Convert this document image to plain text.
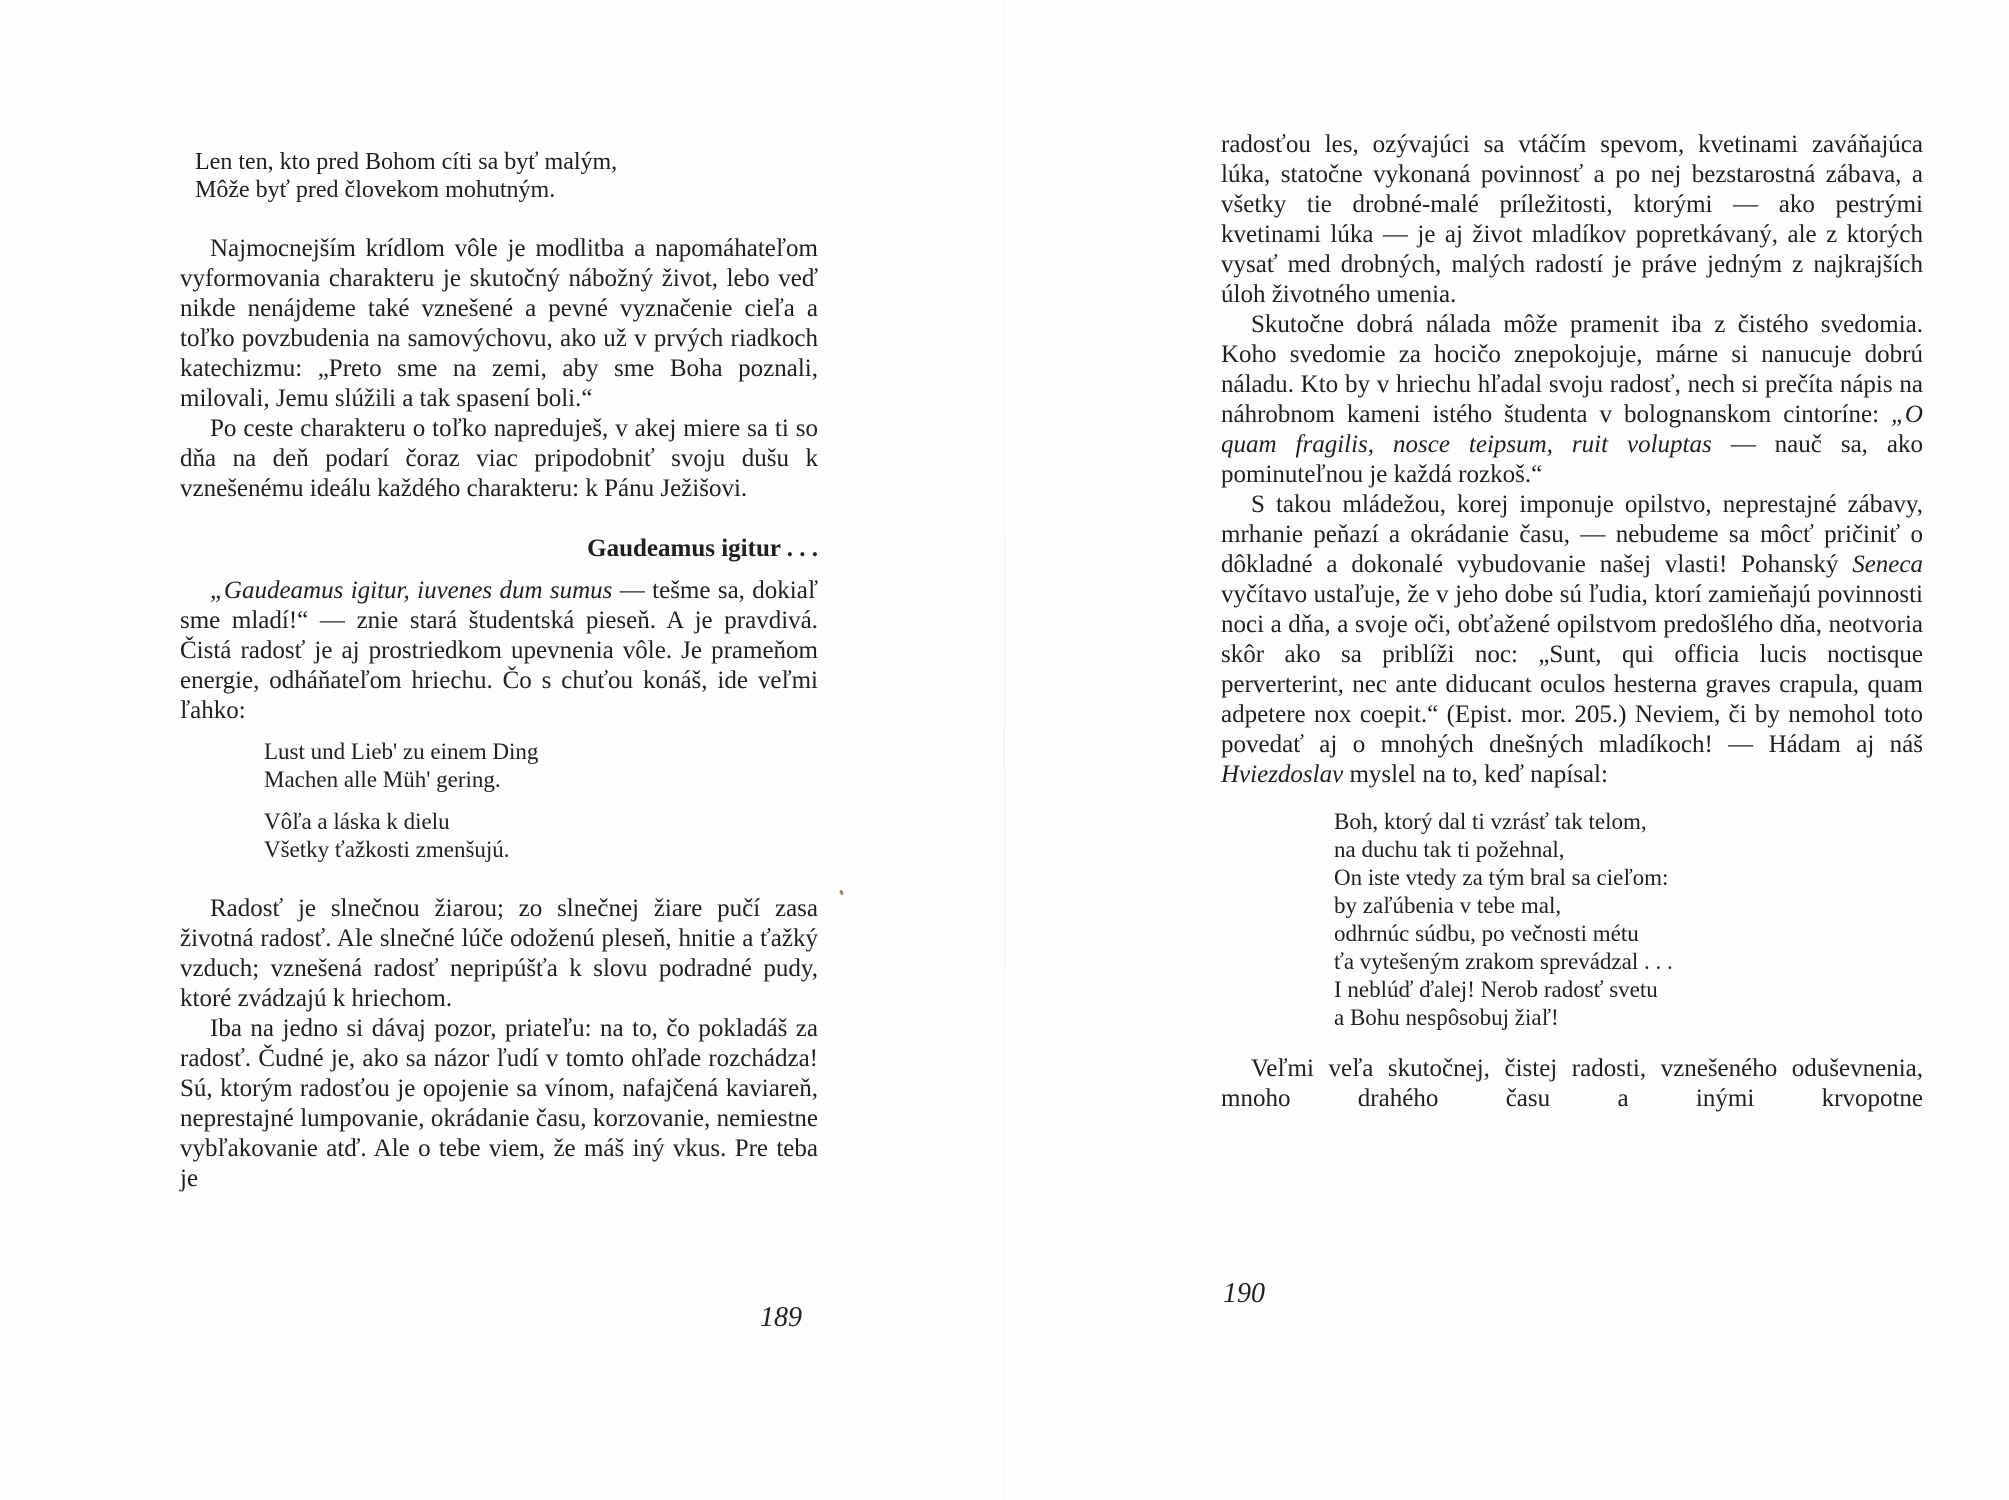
Len ten, kto pred Bohom cíti sa byť malým,
Môže byť pred človekom mohutným.

Najmocnejším krídlom vôle je modlitba a napomáhateľom vyformovania charakteru je skutočný nábožný život, lebo veď nikde nenájdeme také vznešené a pevné vyznačenie cieľa a toľko povzbudenia na samovýchovu, ako už v prvých riadkoch katechizmu: „Preto sme na zemi, aby sme Boha poznali, milovali, Jemu slúžili a tak spasení boli.“

Po ceste charakteru o toľko napreduješ, v akej miere sa ti so dňa na deň podarí čoraz viac pripodobniť svoju dušu k vznešenému ideálu každého charakteru: k Pánu Ježišovi.

Gaudeamus igitur . . .

„Gaudeamus igitur, iuvenes dum sumus — tešme sa, dokiaľ sme mladí!“ — znie stará študentská pieseň. A je pravdivá. Čistá radosť je aj prostriedkom upevnenia vôle. Je prameňom energie, odháňateľom hriechu. Čo s chuťou konáš, ide veľmi ľahko:

Lust und Lieb' zu einem Ding
Machen alle Müh' gering.
Vôľa a láska k dielu
Všetky ťažkosti zmenšujú.

Radosť je slnečnou žiarou; zo slnečnej žiare pučí zasa životná radosť. Ale slnečné lúče odoženú pleseň, hnitie a ťažký vzduch; vznešená radosť nepripúšťa k slovu podradné pudy, ktoré zvádzajú k hriechom.

Iba na jedno si dávaj pozor, priateľu: na to, čo pokladáš za radosť. Čudné je, ako sa názor ľudí v tomto ohľade rozchádza! Sú, ktorým radosťou je opojenie sa vínom, nafajčená kaviareň, neprestajné lumpovanie, okrádanie času, korzovanie, nemiestne vybľakovanie atď. Ale o tebe viem, že máš iný vkus. Pre teba je

189

radosťou les, ozývajúci sa vtáčím spevom, kvetinami zaváňajúca lúka, statočne vykonaná povinnosť a po nej bezstarostná zábava, a všetky tie drobné-malé príležitosti, ktorými — ako pestrými kvetinami lúka — je aj život mladíkov popretkávaný, ale z ktorých vysať med drobných, malých radostí je práve jedným z najkrajších úloh životného umenia.

Skutočne dobrá nálada môže pramenit iba z čistého svedomia. Koho svedomie za hocičo znepokojuje, márne si nanucuje dobrú náladu. Kto by v hriechu hľadal svoju radosť, nech si prečíta nápis na náhrobnom kameni istého študenta v bolognanskom cintoríne: „O quam fragilis, nosce teipsum, ruit voluptas — nauč sa, ako pominuteľnou je každá rozkoš.“

S takou mládežou, korej imponuje opilstvo, neprestajné zábavy, mrhanie peňazí a okrádanie času, — nebudeme sa môcť pričiniť o dôkladné a dokonalé vybudovanie našej vlasti! Pohanský Seneca vyčítavo ustaľuje, že v jeho dobe sú ľudia, ktorí zamieňajú povinnosti noci a dňa, a svoje oči, obťažené opilstvom predošlého dňa, neotvoria skôr ako sa priblíži noc: „Sunt, qui officia lucis noctisque perverterint, nec ante diducant oculos hesterna graves crapula, quam adpetere nox coepit.“ (Epist. mor. 205.) Neviem, či by nemohol toto povedať aj o mnohých dnešných mladíkoch! — Hádam aj náš Hviezdoslav myslel na to, keď napísal:

Boh, ktorý dal ti vzrásť tak telom,
na duchu tak ti požehnal,
On iste vtedy za tým bral sa cieľom:
by zaľúbenia v tebe mal,
odhrnúc súdbu, po večnosti métu
ťa vytešeným zrakom sprevádzal . . .
I neblúď ďalej! Nerob radosť svetu
a Bohu nespôsobuj žiaľ!

Veľmi veľa skutočnej, čistej radosti, vznešeného oduševnenia, mnoho drahého času a inými krvopotne

190
